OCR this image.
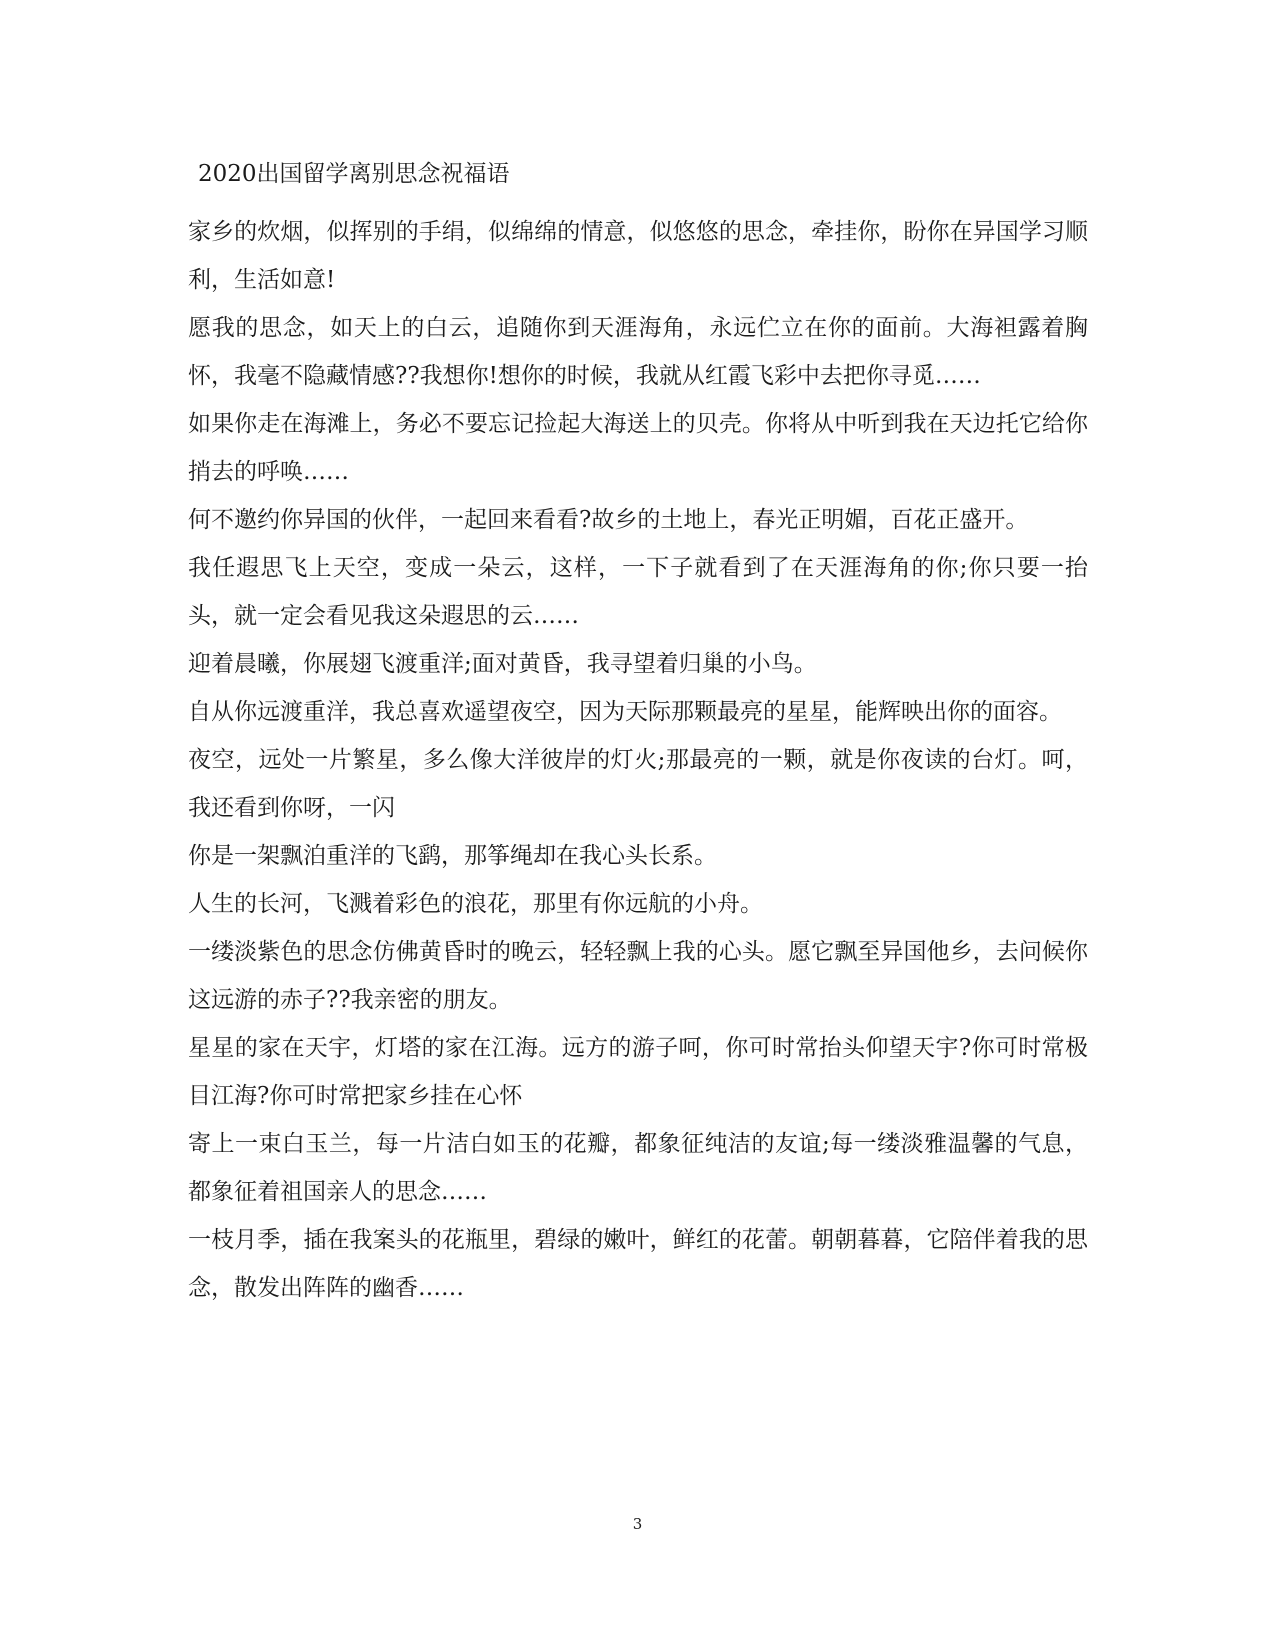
2020出国留学离别思念祝福语

家乡的炊烟，似挥别的手绢，似绵绵的情意，似悠悠的思念，牵挂你，盼你在异国学习顺利，生活如意!

愿我的思念，如天上的白云，追随你到天涯海角，永远伫立在你的面前。大海袒露着胸怀，我毫不隐藏情感??我想你!想你的时候，我就从红霞飞彩中去把你寻觅……

如果你走在海滩上，务必不要忘记捡起大海送上的贝壳。你将从中听到我在天边托它给你捎去的呼唤……

何不邀约你异国的伙伴，一起回来看看?故乡的土地上，春光正明媚，百花正盛开。

我任遐思飞上天空，变成一朵云，这样，一下子就看到了在天涯海角的你;你只要一抬头，就一定会看见我这朵遐思的云……

迎着晨曦，你展翅飞渡重洋;面对黄昏，我寻望着归巢的小鸟。

自从你远渡重洋，我总喜欢遥望夜空，因为天际那颗最亮的星星，能辉映出你的面容。

夜空，远处一片繁星，多么像大洋彼岸的灯火;那最亮的一颗，就是你夜读的台灯。呵，我还看到你呀，一闪

你是一架飘泊重洋的飞鹞，那筝绳却在我心头长系。

人生的长河，飞溅着彩色的浪花，那里有你远航的小舟。

一缕淡紫色的思念仿佛黄昏时的晚云，轻轻飘上我的心头。愿它飘至异国他乡，去问候你这远游的赤子??我亲密的朋友。

星星的家在天宇，灯塔的家在江海。远方的游子呵，你可时常抬头仰望天宇?你可时常极目江海?你可时常把家乡挂在心怀

寄上一束白玉兰，每一片洁白如玉的花瓣，都象征纯洁的友谊;每一缕淡雅温馨的气息，都象征着祖国亲人的思念……

一枝月季，插在我案头的花瓶里，碧绿的嫩叶，鲜红的花蕾。朝朝暮暮，它陪伴着我的思念，散发出阵阵的幽香……

3
